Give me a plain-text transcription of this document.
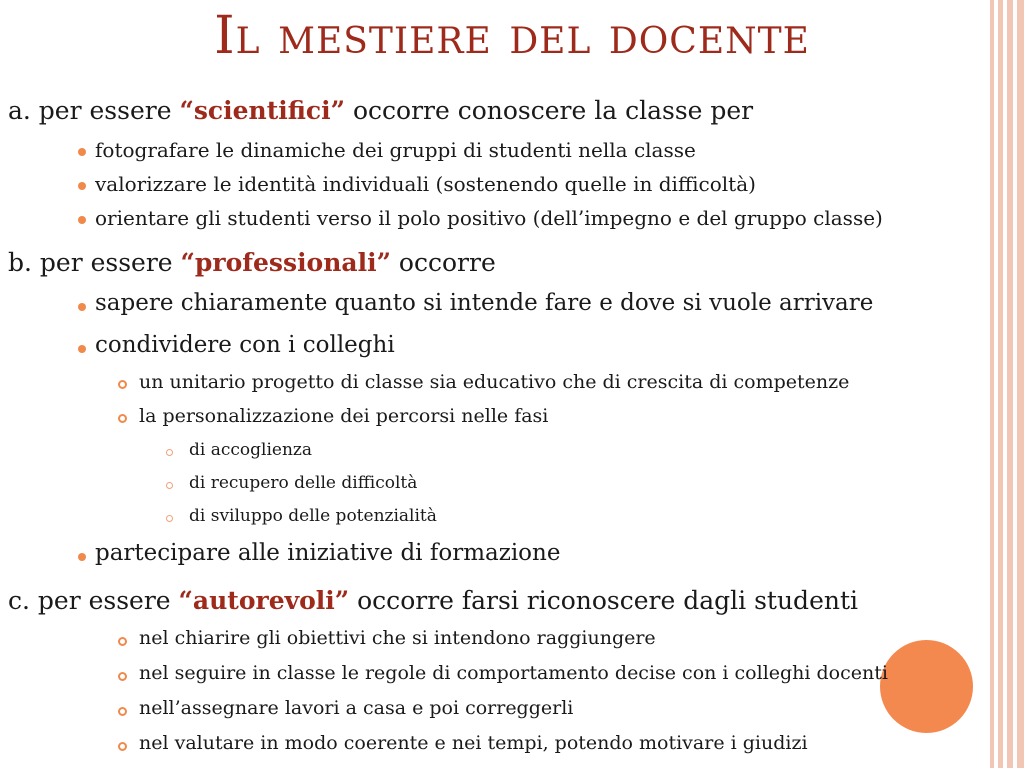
Il mestiere del docente
a. per essere “scientifici” occorre conoscere la classe per
fotografare le dinamiche dei gruppi di studenti nella classe
valorizzare le identità individuali (sostenendo quelle in difficoltà)
orientare gli studenti verso il polo positivo (dell’impegno e del gruppo classe)
b. per essere “professionali” occorre
sapere chiaramente quanto si intende fare e dove si vuole arrivare
condividere con i colleghi
un unitario progetto di classe sia educativo che di crescita di competenze
la personalizzazione dei percorsi nelle fasi
di accoglienza
di recupero delle difficoltà
di sviluppo delle potenzialità
partecipare alle iniziative di formazione
c. per essere “autorevoli” occorre farsi riconoscere dagli studenti
nel chiarire gli obiettivi che si intendono raggiungere
nel seguire in classe le regole di comportamento decise con i colleghi docenti
nell’assegnare lavori a casa e poi correggerli
nel valutare in modo coerente e nei tempi, potendo motivare i giudizi
